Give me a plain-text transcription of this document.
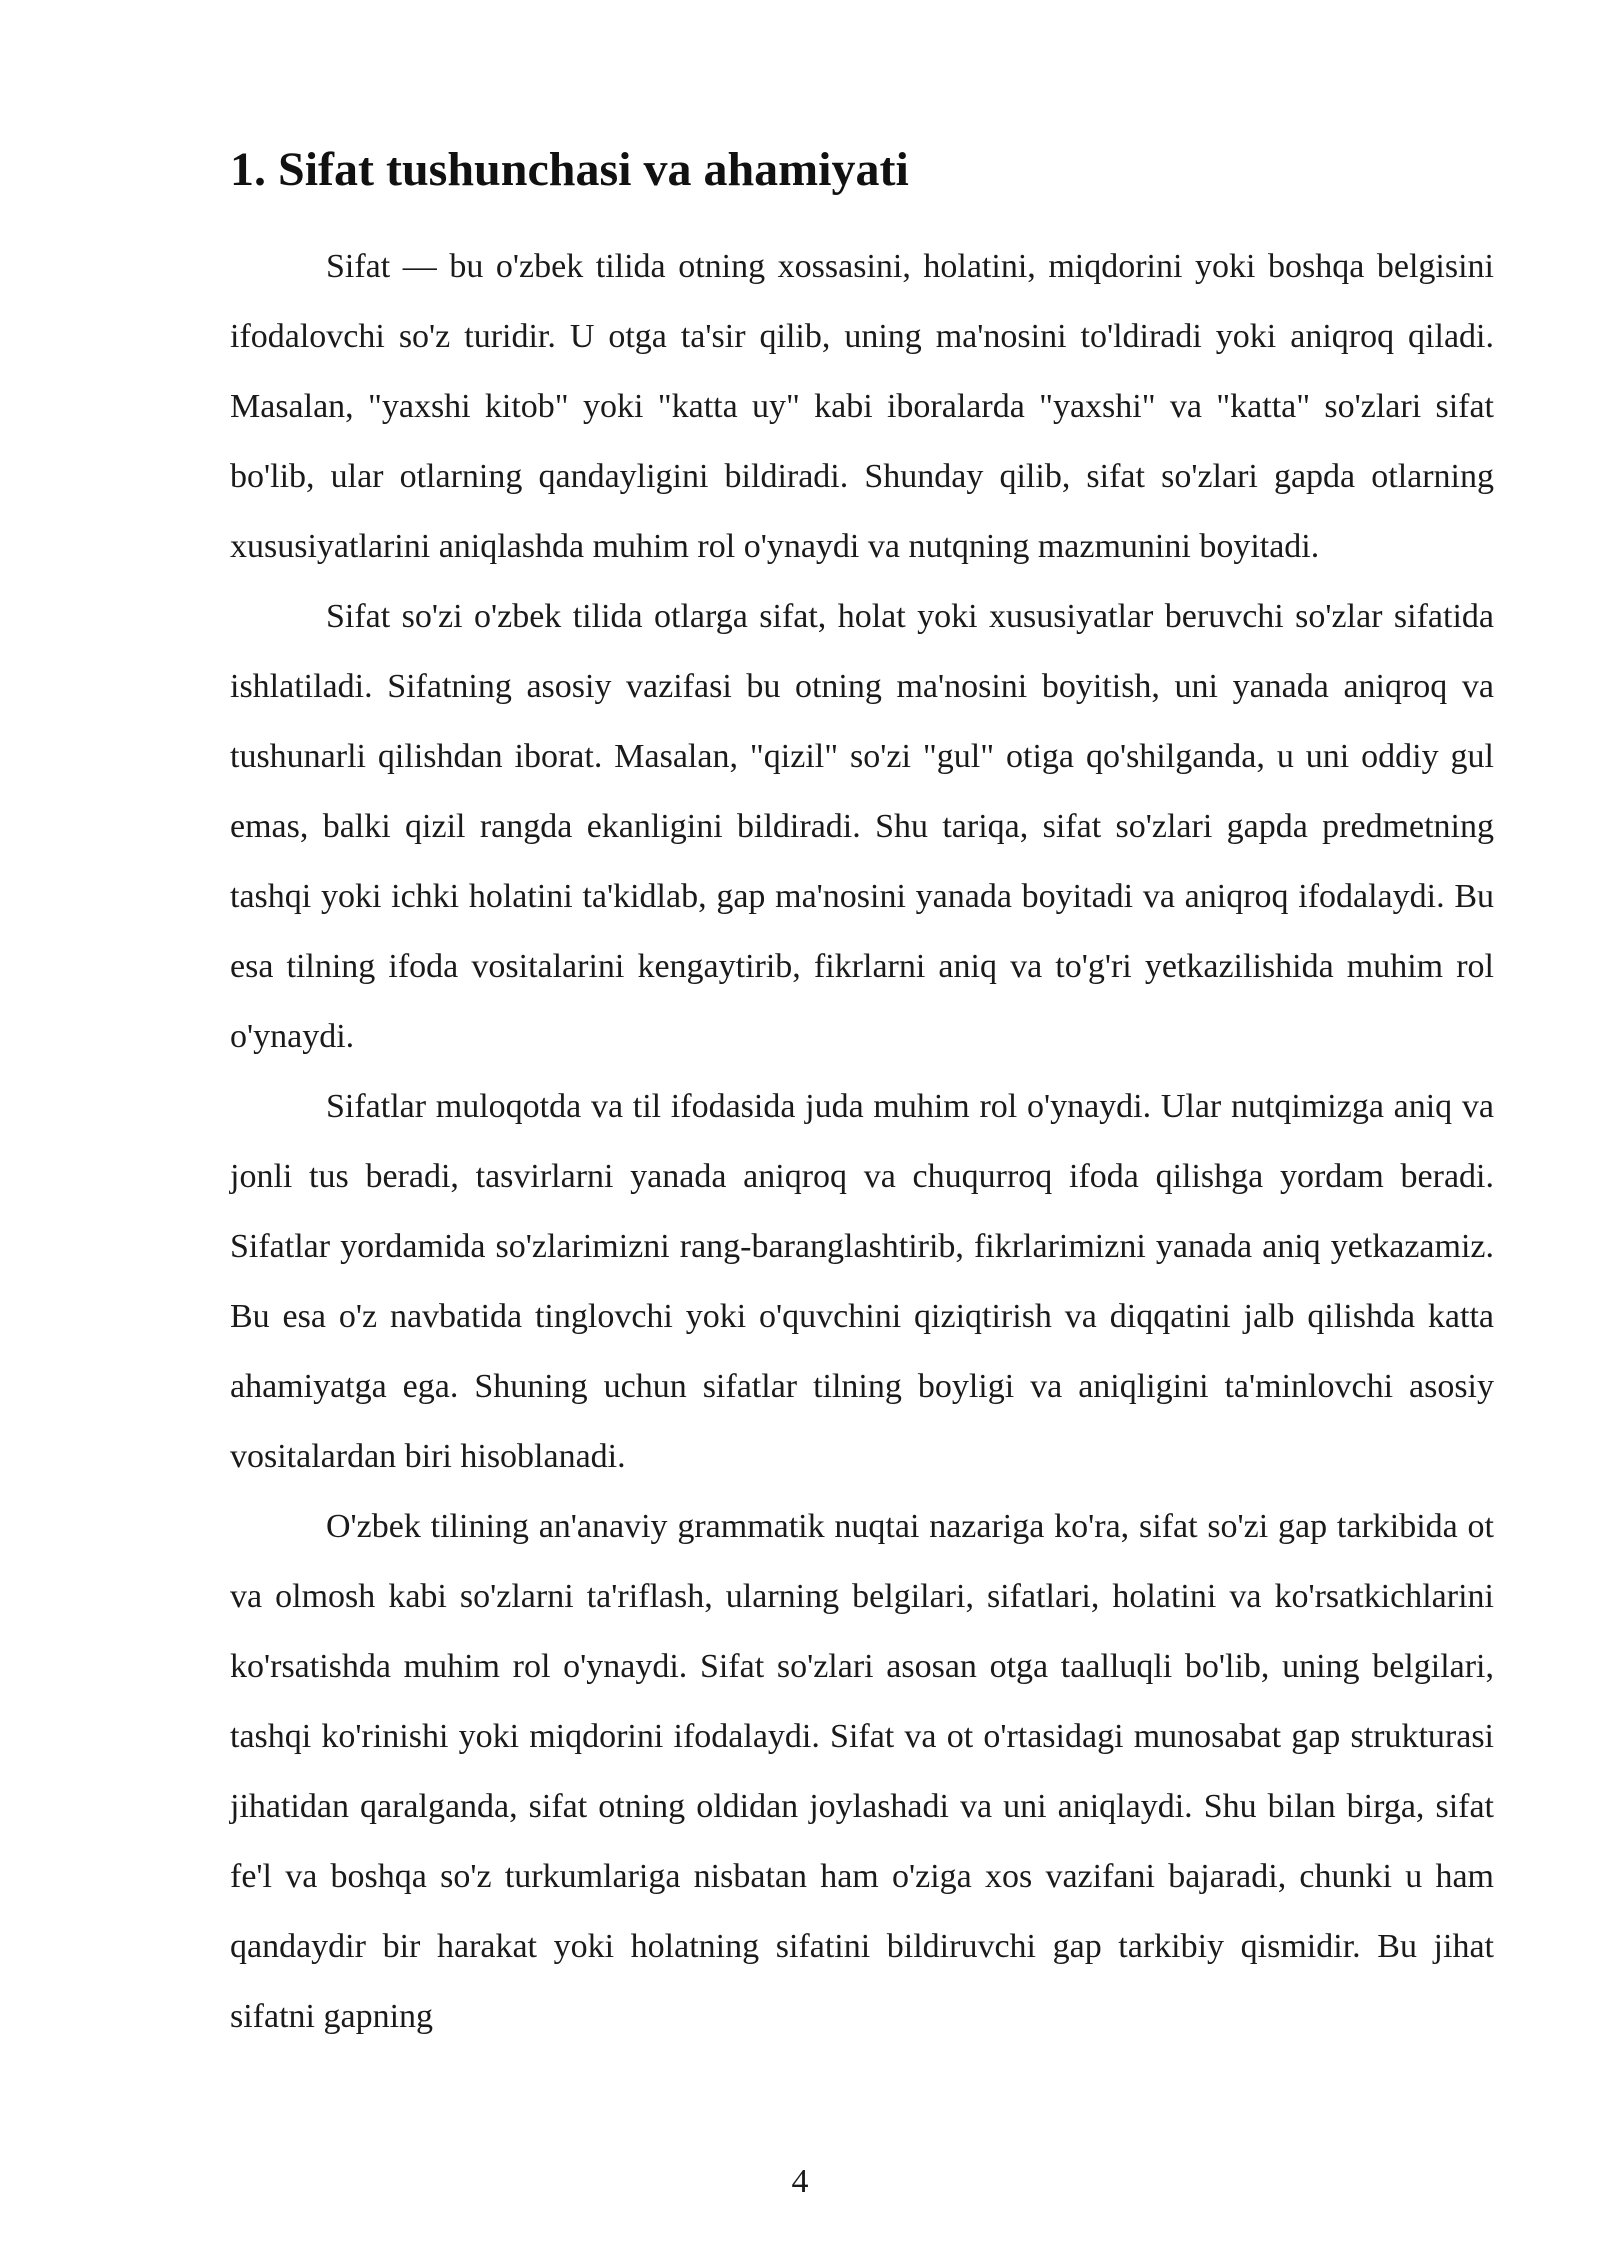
1. Sifat tushunchasi va ahamiyati

Sifat — bu o'zbek tilida otning xossasini, holatini, miqdorini yoki boshqa belgisini ifodalovchi so'z turidir. U otga ta'sir qilib, uning ma'nosini to'ldiradi yoki aniqroq qiladi. Masalan, "yaxshi kitob" yoki "katta uy" kabi iboralarda "yaxshi" va "katta" so'zlari sifat bo'lib, ular otlarning qandayligini bildiradi. Shunday qilib, sifat so'zlari gapda otlarning xususiyatlarini aniqlashda muhim rol o'ynaydi va nutqning mazmunini boyitadi.

Sifat so'zi o'zbek tilida otlarga sifat, holat yoki xususiyatlar beruvchi so'zlar sifatida ishlatiladi. Sifatning asosiy vazifasi bu otning ma'nosini boyitish, uni yanada aniqroq va tushunarli qilishdan iborat. Masalan, "qizil" so'zi "gul" otiga qo'shilganda, u uni oddiy gul emas, balki qizil rangda ekanligini bildiradi. Shu tariqa, sifat so'zlari gapda predmetning tashqi yoki ichki holatini ta'kidlab, gap ma'nosini yanada boyitadi va aniqroq ifodalaydi. Bu esa tilning ifoda vositalarini kengaytirib, fikrlarni aniq va to'g'ri yetkazilishida muhim rol o'ynaydi.

Sifatlar muloqotda va til ifodasida juda muhim rol o'ynaydi. Ular nutqimizga aniq va jonli tus beradi, tasvirlarni yanada aniqroq va chuqurroq ifoda qilishga yordam beradi. Sifatlar yordamida so'zlarimizni rang-baranglashtirib, fikrlarimizni yanada aniq yetkazamiz. Bu esa o'z navbatida tinglovchi yoki o'quvchini qiziqtirish va diqqatini jalb qilishda katta ahamiyatga ega. Shuning uchun sifatlar tilning boyligi va aniqligini ta'minlovchi asosiy vositalardan biri hisoblanadi.

O'zbek tilining an'anaviy grammatik nuqtai nazariga ko'ra, sifat so'zi gap tarkibida ot va olmosh kabi so'zlarni ta'riflash, ularning belgilari, sifatlari, holatini va ko'rsatkichlarini ko'rsatishda muhim rol o'ynaydi. Sifat so'zlari asosan otga taalluqli bo'lib, uning belgilari, tashqi ko'rinishi yoki miqdorini ifodalaydi. Sifat va ot o'rtasidagi munosabat gap strukturasi jihatidan qaralganda, sifat otning oldidan joylashadi va uni aniqlaydi. Shu bilan birga, sifat fe'l va boshqa so'z turkumlariga nisbatan ham o'ziga xos vazifani bajaradi, chunki u ham qandaydir bir harakat yoki holatning sifatini bildiruvchi gap tarkibiy qismidir. Bu jihat sifatni gapning

4
